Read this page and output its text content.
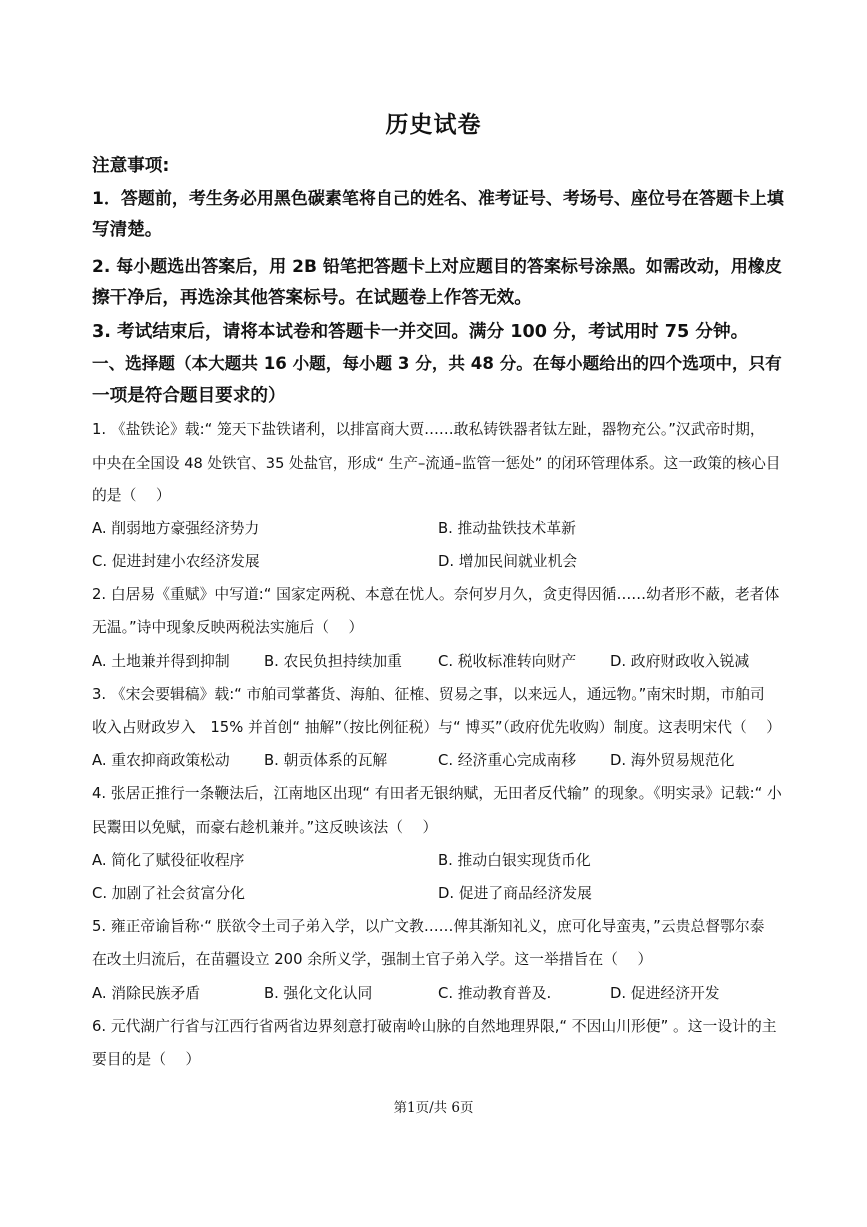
历史试卷
注意事项:
1．答题前，考生务必用黑色碳素笔将自己的姓名、准考证号、考场号、座位号在答题卡上填
写清楚。
2. 每小题选出答案后，用 2B 铅笔把答题卡上对应题目的答案标号涂黑。如需改动，用橡皮
擦干净后，再选涂其他答案标号。在试题卷上作答无效。
3. 考试结束后，请将本试卷和答题卡一并交回。满分 100 分，考试用时 75 分钟。
一、选择题（本大题共 16 小题，每小题 3 分，共 48 分。在每小题给出的四个选项中，只有
一项是符合题目要求的）
1. 《盐铁论》载:“ 笼天下盐铁诸利，以排富商大贾……敢私铸铁器者钛左趾，器物充公。”汉武帝时期，
中央在全国设 48 处铁官、35 处盐官，形成“ 生产–流通–监管一惩处” 的闭环管理体系。这一政策的核心目
的是（　 ）
A. 削弱地方豪强经济势力	B. 推动盐铁技术革新
C. 促进封建小农经济发展	D. 增加民间就业机会
2. 白居易《重赋》中写道:“ 国家定两税、本意在忧人。奈何岁月久，贪吏得因循……幼者形不蔽，老者体
无温。”诗中现象反映两税法实施后（　 ）
A. 土地兼并得到抑制 B. 农民负担持续加重 C. 税收标准转向财产 D. 政府财政收入锐减
3. 《宋会要辑稿》载:“ 市舶司掌蕃货、海舶、征榷、贸易之事，以来远人，通远物。”南宋时期，市舶司
收入占财政岁入　15% 并首创“ 抽解”（按比例征税）与“ 博买”（政府优先收购）制度。这表明宋代（　 ）
A. 重农抑商政策松动 B. 朝贡体系的瓦解	C. 经济重心完成南移 D. 海外贸易规范化
4. 张居正推行一条鞭法后，江南地区出现“ 有田者无银纳赋，无田者反代输” 的现象。《明实录》记载:“ 小
民鬻田以免赋，而豪右趁机兼并。”这反映该法（　 ）
A. 简化了赋役征收程序	B. 推动白银实现货币化
C. 加剧了社会贫富分化	D. 促进了商品经济发展
5. 雍正帝谕旨称·“ 朕欲令土司子弟入学，以广文教……俾其渐知礼义，庶可化导蛮夷，”云贵总督鄂尔泰
在改土归流后，在苗疆设立 200 余所义学，强制土官子弟入学。这一举措旨在（　 ）
A. 消除民族矛盾	B. 强化文化认同	C. 推动教育普及.	D. 促进经济开发
6. 元代湖广行省与江西行省两省边界刻意打破南岭山脉的自然地理界限,“ 不因山川形便” 。这一设计的主
要目的是（　 ）
第1页/共 6页
